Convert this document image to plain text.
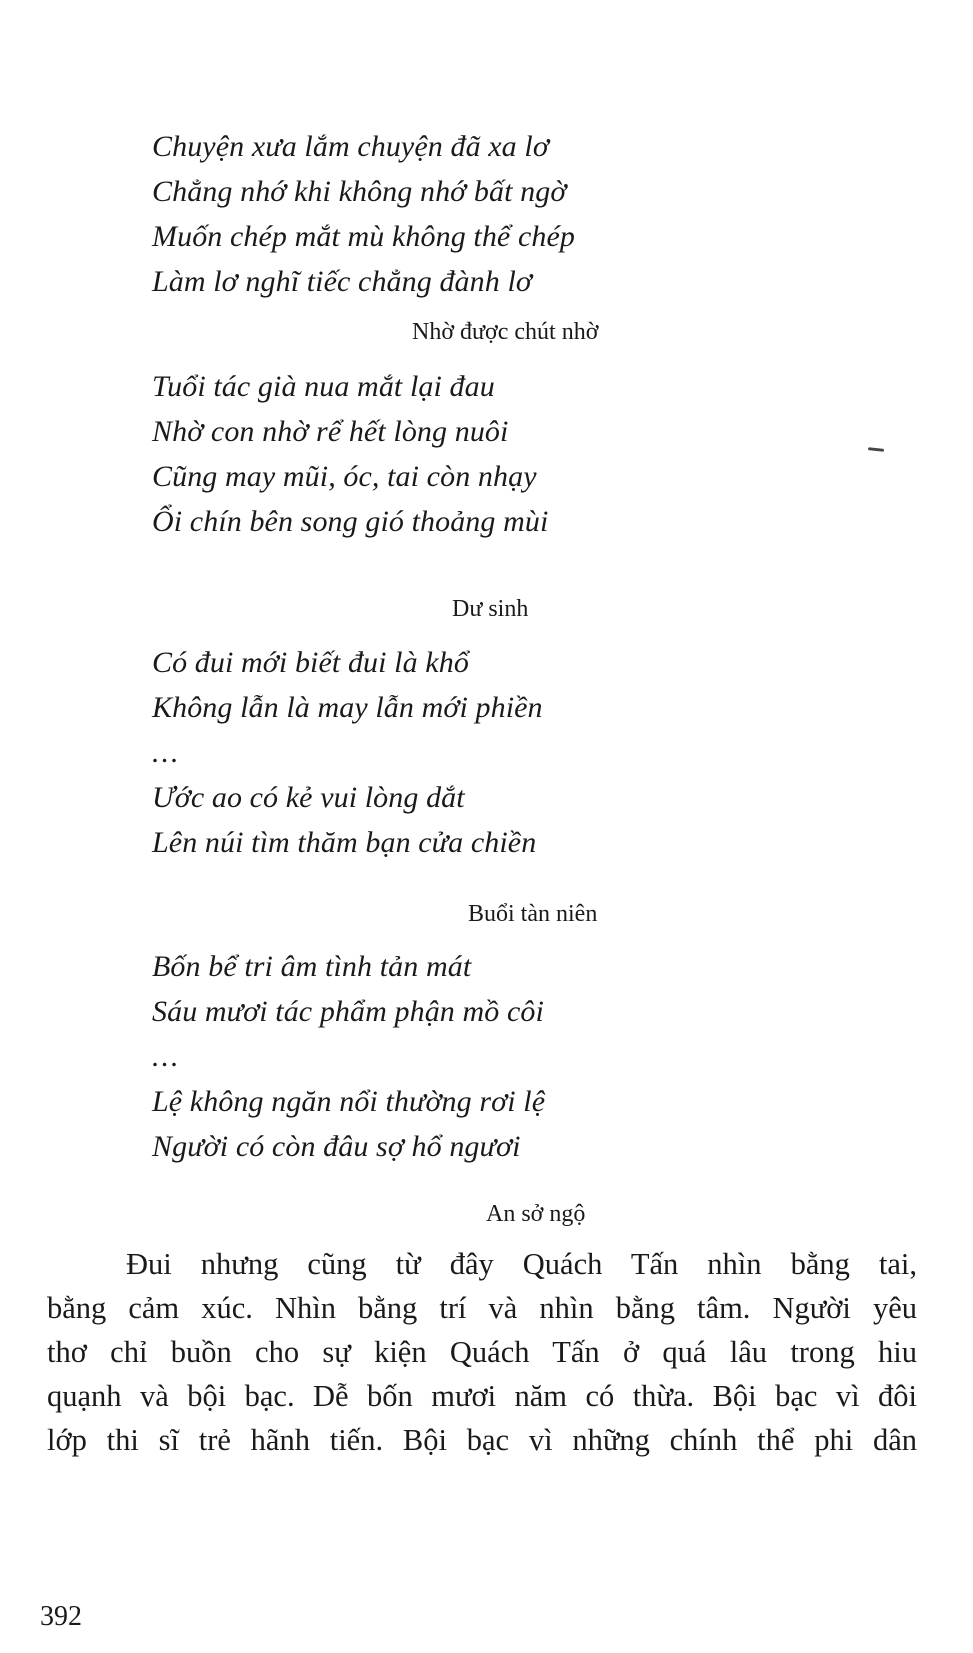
Chuyện xưa lắm chuyện đã xa lơ
Chẳng nhớ khi không nhớ bất ngờ
Muốn chép mắt mù không thể chép
Làm lơ nghĩ tiếc chẳng đành lơ
Nhờ được chút nhờ
Tuổi tác già nua mắt lại đau
Nhờ con nhờ rể hết lòng nuôi
Cũng may mũi, óc, tai còn nhạy
Ổi chín bên song gió thoảng mùi
Dư sinh
Có đui mới biết đui là khổ
Không lẫn là may lẫn mới phiền
...
Ước ao có kẻ vui lòng dắt
Lên núi tìm thăm bạn cửa chiền
Buổi tàn niên
Bốn bể tri âm tình tản mát
Sáu mươi tác phẩm phận mồ côi
...
Lệ không ngăn nổi thường rơi lệ
Người có còn đâu sợ hổ ngươi
An sở ngộ
Đui nhưng cũng từ đây Quách Tấn nhìn bằng tai,
bằng cảm xúc. Nhìn bằng trí và nhìn bằng tâm. Người yêu
thơ chỉ buồn cho sự kiện Quách Tấn ở quá lâu trong hiu
quạnh và bội bạc. Dễ bốn mươi năm có thừa. Bội bạc vì đôi
lớp thi sĩ trẻ hãnh tiến. Bội bạc vì những chính thể phi dân
392
